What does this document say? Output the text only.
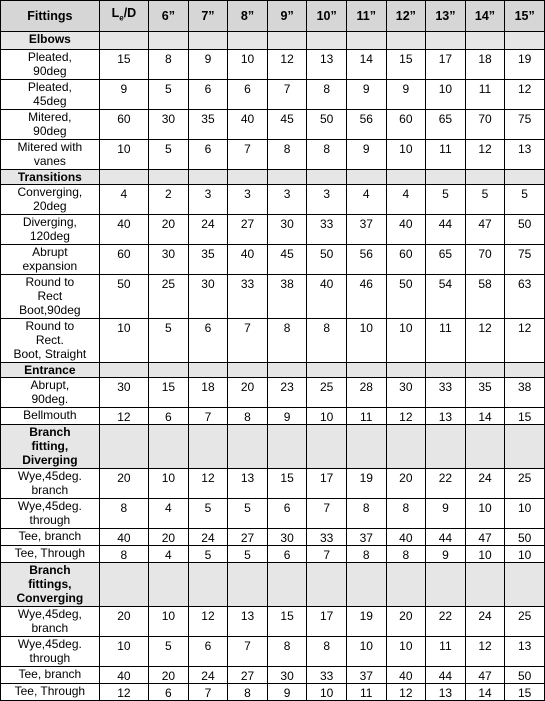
Fittings	$L_e/D$	6”	7”	8”	9”	10”	11”	12”	13”	14”	15”

Elbows											

Pleated,
90deg	15	8	9	10	12	13	14	15	17	18	19

Pleated,
45deg	9	5	6	6	7	8	9	9	10	11	12

Mitered,
90deg	60	30	35	40	45	50	56	60	65	70	75

Mitered with
vanes	10	5	6	7	8	8	9	10	11	12	13

Transitions											

Converging,
20deg	4	2	3	3	3	3	4	4	5	5	5

Diverging,
120deg	40	20	24	27	30	33	37	40	44	47	50

Abrupt
expansion	60	30	35	40	45	50	56	60	65	70	75

Round to
Rect
Boot,90deg	50	25	30	33	38	40	46	50	54	58	63

Round to
Rect.
Boot, Straight	10	5	6	7	8	8	10	10	11	12	12

Entrance											

Abrupt,
90deg.	30	15	18	20	23	25	28	30	33	35	38

Bellmouth	12	6	7	8	9	10	11	12	13	14	15

Branch
fitting,
Diverging											

Wye,45deg.
branch	20	10	12	13	15	17	19	20	22	24	25

Wye,45deg.
through	8	4	5	5	6	7	8	8	9	10	10

Tee, branch	40	20	24	27	30	33	37	40	44	47	50

Tee, Through	8	4	5	5	6	7	8	8	9	10	10

Branch
fittings,
Converging											

Wye,45deg,
branch	20	10	12	13	15	17	19	20	22	24	25

Wye,45deg.
through	10	5	6	7	8	8	10	10	11	12	13

Tee, branch	40	20	24	27	30	33	37	40	44	47	50

Tee, Through	12	6	7	8	9	10	11	12	13	14	15
